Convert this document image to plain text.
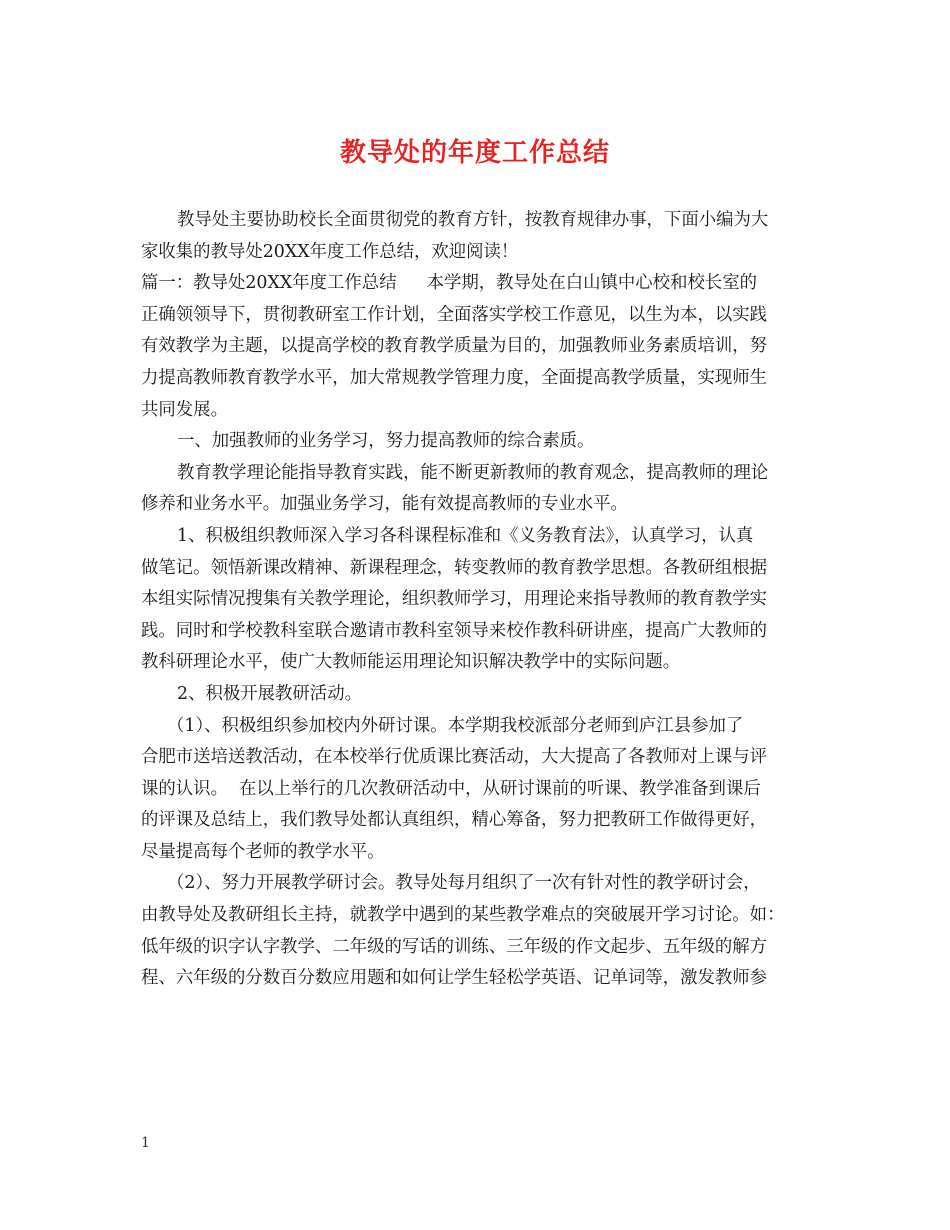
教导处的年度工作总结
教导处主要协助校长全面贯彻党的教育方针，按教育规律办事，下面小编为大
家收集的教导处20XX年度工作总结，欢迎阅读！
篇一：教导处20XX年度工作总结 本学期，教导处在白山镇中心校和校长室的
正确领领导下，贯彻教研室工作计划，全面落实学校工作意见，以生为本，以实践
有效教学为主题，以提高学校的教育教学质量为目的，加强教师业务素质培训，努
力提高教师教育教学水平，加大常规教学管理力度，全面提高教学质量，实现师生
共同发展。
一、加强教师的业务学习，努力提高教师的综合素质。
教育教学理论能指导教育实践，能不断更新教师的教育观念，提高教师的理论
修养和业务水平。加强业务学习，能有效提高教师的专业水平。
1、积极组织教师深入学习各科课程标准和《义务教育法》，认真学习，认真
做笔记。领悟新课改精神、新课程理念，转变教师的教育教学思想。各教研组根据
本组实际情况搜集有关教学理论，组织教师学习，用理论来指导教师的教育教学实
践。同时和学校教科室联合邀请市教科室领导来校作教科研讲座，提高广大教师的
教科研理论水平，使广大教师能运用理论知识解决教学中的实际问题。
2、积极开展教研活动。
（1）、积极组织参加校内外研讨课。本学期我校派部分老师到庐江县参加了
合肥市送培送教活动，在本校举行优质课比赛活动，大大提高了各教师对上课与评
课的认识。  在以上举行的几次教研活动中，从研讨课前的听课、教学准备到课后
的评课及总结上，我们教导处都认真组织，精心筹备，努力把教研工作做得更好，
尽量提高每个老师的教学水平。
（2）、努力开展教学研讨会。教导处每月组织了一次有针对性的教学研讨会，
由教导处及教研组长主持，就教学中遇到的某些教学难点的突破展开学习讨论。如：
低年级的识字认字教学、二年级的写话的训练、三年级的作文起步、五年级的解方
程、六年级的分数百分数应用题和如何让学生轻松学英语、记单词等，激发教师参
1
